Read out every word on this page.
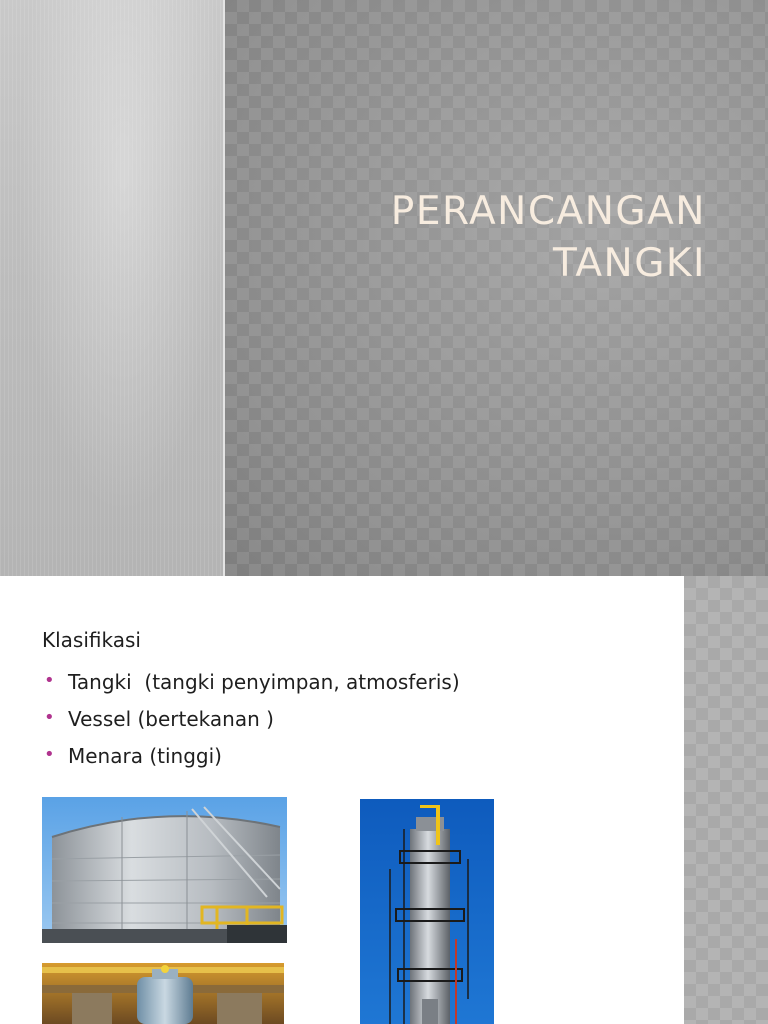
PERANCANGAN
TANGKI
Klasifikasi
• Tangki  (tangki penyimpan, atmosferis)
• Vessel (bertekanan )
• Menara (tinggi)
